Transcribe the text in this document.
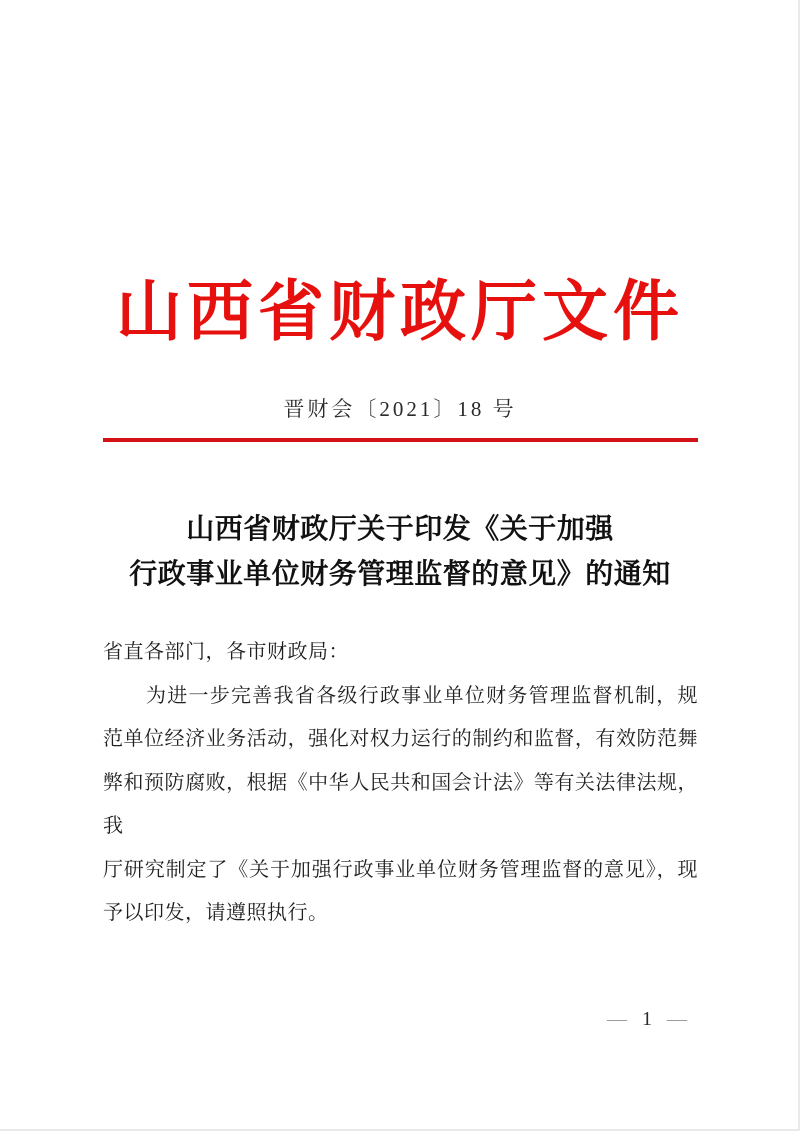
山西省财政厅文件
晋财会〔2021〕18 号
山西省财政厅关于印发《关于加强
行政事业单位财务管理监督的意见》的通知
省直各部门，各市财政局：
为进一步完善我省各级行政事业单位财务管理监督机制，规
范单位经济业务活动，强化对权力运行的制约和监督，有效防范舞
弊和预防腐败，根据《中华人民共和国会计法》等有关法律法规，我
厅研究制定了《关于加强行政事业单位财务管理监督的意见》，现
予以印发，请遵照执行。
— 1 —
